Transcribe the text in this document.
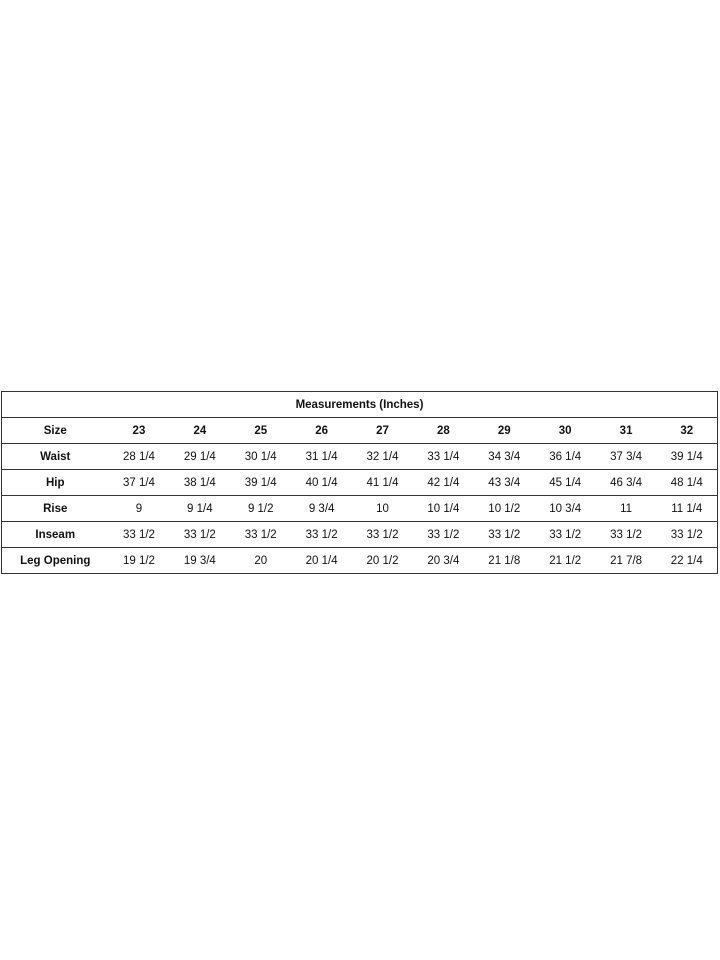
Measurements (Inches)										
Size	23	24	25	26	27	28	29	30	31	32
Waist	28 1/4	29 1/4	30 1/4	31 1/4	32 1/4	33 1/4	34 3/4	36 1/4	37 3/4	39 1/4
Hip	37 1/4	38 1/4	39 1/4	40 1/4	41 1/4	42 1/4	43 3/4	45 1/4	46 3/4	48 1/4
Rise	9	9 1/4	9 1/2	9 3/4	10	10 1/4	10 1/2	10 3/4	11	11 1/4
Inseam	33 1/2	33 1/2	33 1/2	33 1/2	33 1/2	33 1/2	33 1/2	33 1/2	33 1/2	33 1/2
Leg Opening	19 1/2	19 3/4	20	20 1/4	20 1/2	20 3/4	21 1/8	21 1/2	21 7/8	22 1/4
